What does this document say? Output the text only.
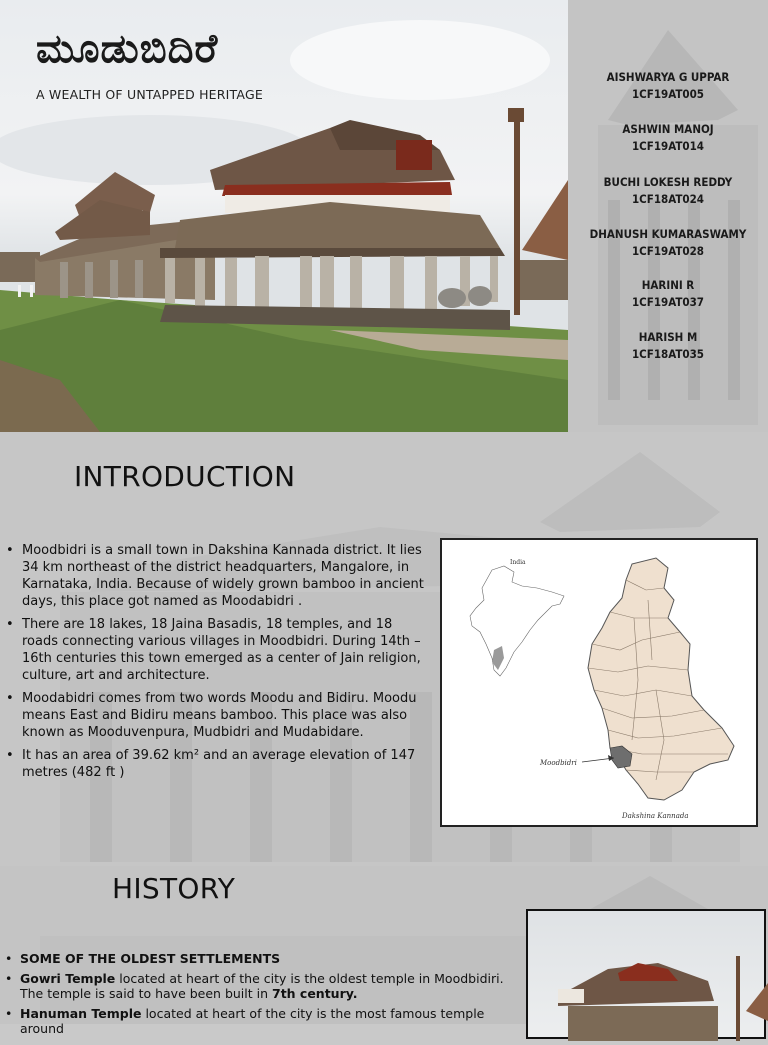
ಮೂಡುಬಿದಿರೆ
A WEALTH OF UNTAPPED HERITAGE
AISHWARYA G UPPAR
1CF19AT005
ASHWIN MANOJ
1CF19AT014
BUCHI LOKESH REDDY
1CF18AT024
DHANUSH KUMARASWAMY
1CF19AT028
HARINI R
1CF19AT037
HARISH M
1CF18AT035
INTRODUCTION
• Moodbidri is a small town in Dakshina Kannada district. It lies 34 km northeast of the district headquarters, Mangalore, in Karnataka, India. Because of widely grown bamboo in ancient days, this place got named as Moodabidri .
• There are 18 lakes, 18 Jaina Basadis, 18 temples, and 18 roads connecting various villages in Moodbidri. During 14th –16th centuries this town emerged as a center of Jain religion, culture, art and architecture.
• Moodabidri comes from two words Moodu and Bidiru. Moodu means East and Bidiru means bamboo. This place was also known as Mooduvenpura, Mudbidri and Mudabidare.
• It has an area of 39.62 km² and an average elevation of 147 metres (482 ft )
India
Moodbidri
Dakshina Kannada
HISTORY
• SOME OF THE OLDEST SETTLEMENTS
• Gowri Temple located at heart of the city is the oldest temple in Moodbidiri. The temple is said to have been built in 7th century.
• Hanuman Temple located at heart of the city is the most famous temple around
